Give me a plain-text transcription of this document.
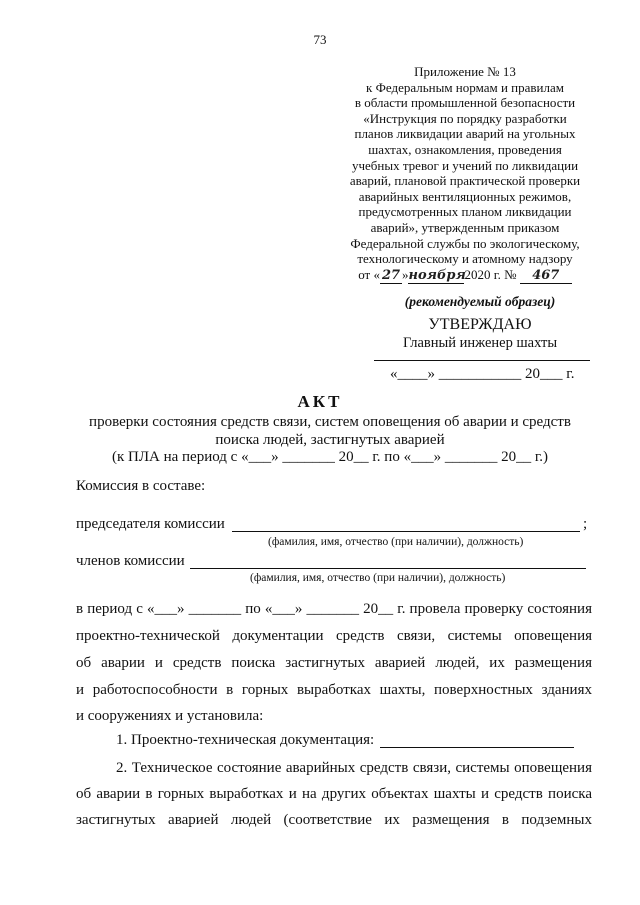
73
Приложение № 13
к Федеральным нормам и правилам
в области промышленной безопасности
«Инструкция по порядку разработки
планов ликвидации аварий на угольных
шахтах, ознакомления, проведения
учебных тревог и учений по ликвидации
аварий, плановой практической проверки
аварийных вентиляционных режимов,
предусмотренных планом ликвидации
аварий», утвержденным приказом
Федеральной службы по экологическому,
технологическому и атомному надзору
от « 27 »ноября2020 г. № 467
(рекомендуемый образец)
УТВЕРЖДАЮ
Главный инженер шахты
«____» ___________ 20___ г.
АКТ
проверки состояния средств связи, систем оповещения об аварии и средств
поиска людей, застигнутых аварией
(к ПЛА на период с «___» _______ 20__ г. по «___» _______ 20__ г.)
Комиссия в составе:
председателя комиссии	;
(фамилия, имя, отчество (при наличии), должность)
членов комиссии
(фамилия, имя, отчество (при наличии), должность)
в период с «___» _______ по «___» _______ 20__ г. провела проверку состояния
проектно-технической документации средств связи, системы оповещения
об аварии и средств поиска застигнутых аварией людей, их размещения
и работоспособности в горных выработках шахты, поверхностных зданиях
и сооружениях и установила:
1. Проектно-техническая документация:
2. Техническое состояние аварийных средств связи, системы оповещения
об аварии в горных выработках и на других объектах шахты и средств поиска
застигнутых аварией людей (соответствие их размещения в подземных
